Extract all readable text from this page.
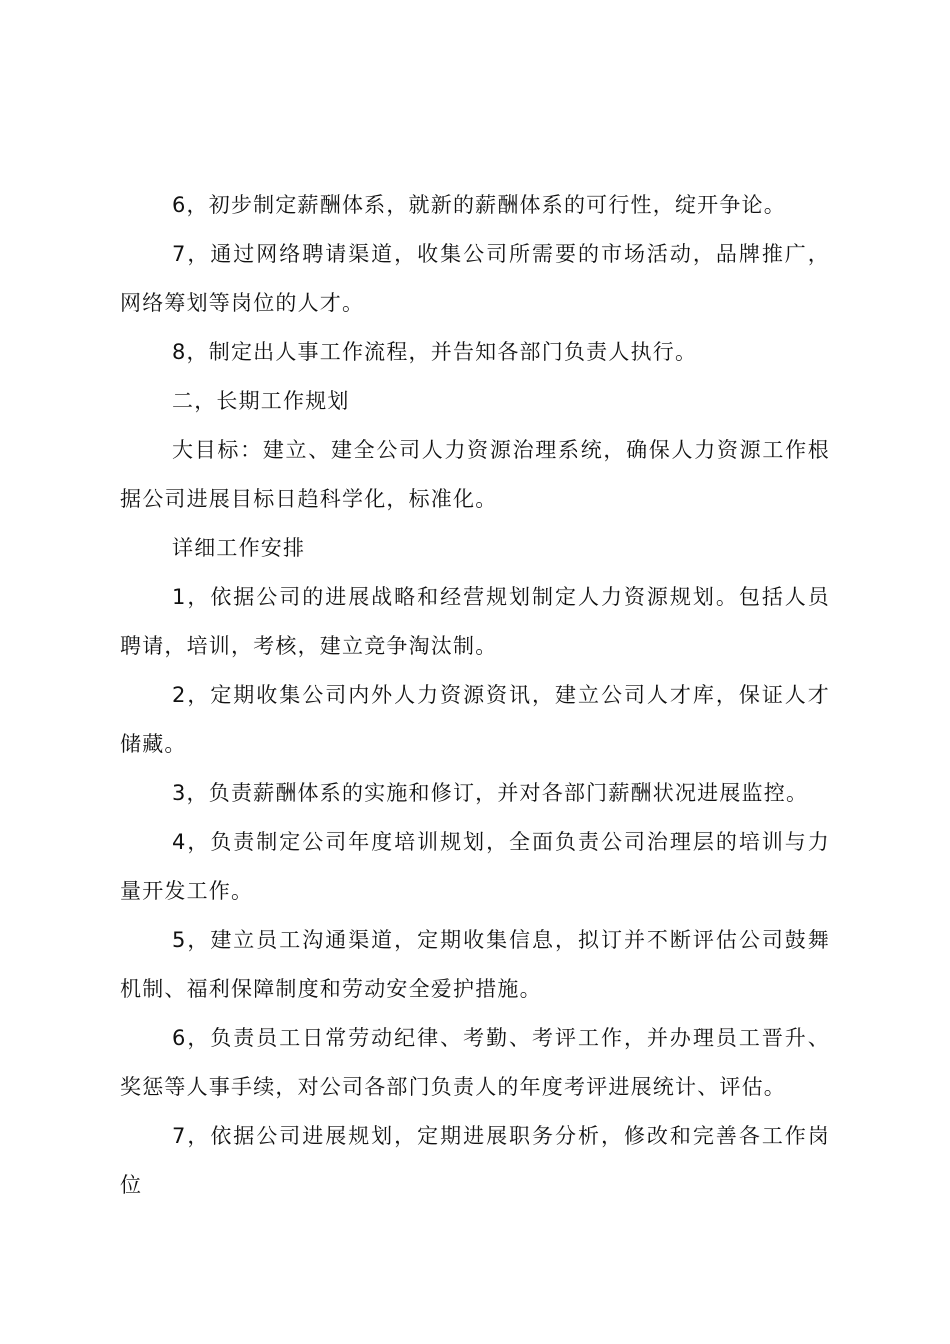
6，初步制定薪酬体系，就新的薪酬体系的可行性，绽开争论。

7，通过网络聘请渠道，收集公司所需要的市场活动，品牌推广，网络筹划等岗位的人才。

8，制定出人事工作流程，并告知各部门负责人执行。

二，长期工作规划

大目标：建立、建全公司人力资源治理系统，确保人力资源工作根据公司进展目标日趋科学化，标准化。

详细工作安排

1，依据公司的进展战略和经营规划制定人力资源规划。包括人员聘请，培训，考核，建立竞争淘汰制。

2，定期收集公司内外人力资源资讯，建立公司人才库，保证人才储藏。

3，负责薪酬体系的实施和修订，并对各部门薪酬状况进展监控。

4，负责制定公司年度培训规划，全面负责公司治理层的培训与力量开发工作。

5，建立员工沟通渠道，定期收集信息，拟订并不断评估公司鼓舞机制、福利保障制度和劳动安全爱护措施。

6，负责员工日常劳动纪律、考勤、考评工作，并办理员工晋升、奖惩等人事手续，对公司各部门负责人的年度考评进展统计、评估。

7，依据公司进展规划，定期进展职务分析，修改和完善各工作岗位
